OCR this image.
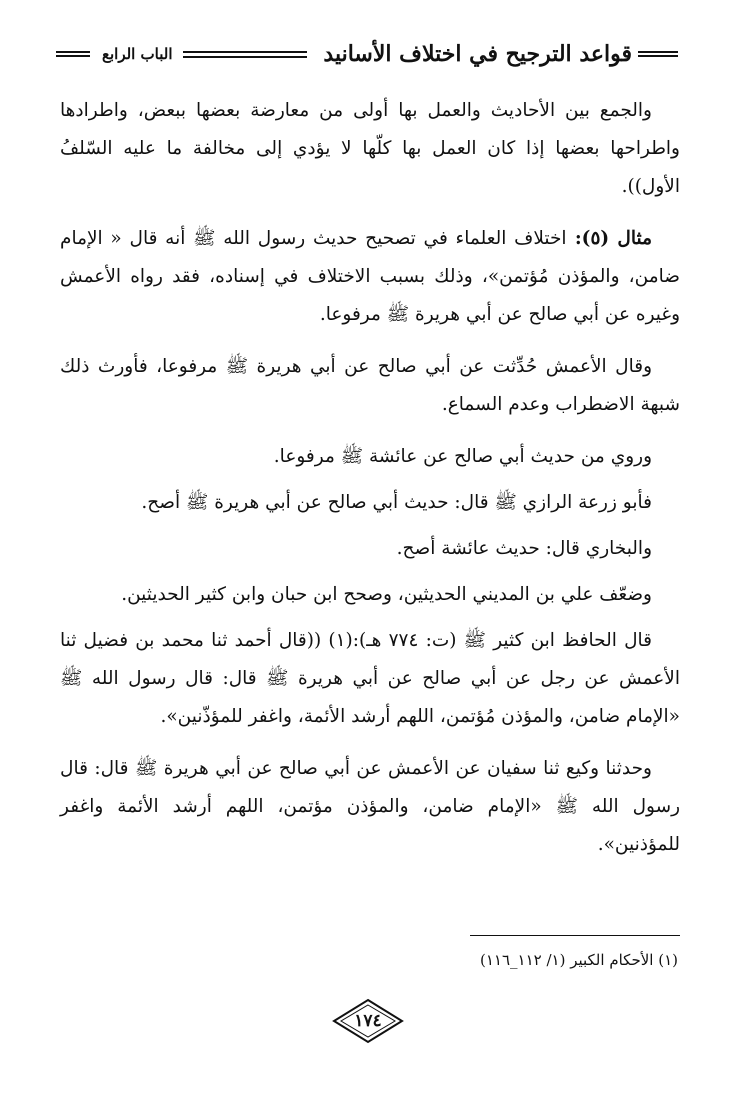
قواعد الترجيح في اختلاف الأسانيد
الباب الرابع

والجمع بين الأحاديث والعمل بها أولى من معارضة بعضها ببعض، واطرادها واطراحها بعضها إذا كان العمل بها كلّها لا يؤدي إلى مخالفة ما عليه السّلفُ الأول)).

مثال (٥): اختلاف العلماء في تصحيح حديث رسول الله ﷺ أنه قال « الإمام ضامن، والمؤذن مُؤتمن»، وذلك بسبب الاختلاف في إسناده، فقد رواه الأعمش وغيره عن أبي صالح عن أبي هريرة ﷺ مرفوعا.

وقال الأعمش حُدِّثت عن أبي صالح عن أبي هريرة ﷺ مرفوعا، فأورث ذلك شبهة الاضطراب وعدم السماع.

وروي من حديث أبي صالح عن عائشة ﷺ مرفوعا.

فأبو زرعة الرازي ﷺ قال: حديث أبي صالح عن أبي هريرة ﷺ أصح.

والبخاري قال: حديث عائشة أصح.

وضعّف علي بن المديني الحديثين، وصحح ابن حبان وابن كثير الحديثين.

قال الحافظ ابن كثير ﷺ (ت: ٧٧٤ هـ):(١) ((قال أحمد ثنا محمد بن فضيل ثنا الأعمش عن رجل عن أبي صالح عن أبي هريرة ﷺ قال: قال رسول الله ﷺ «الإمام ضامن، والمؤذن مُؤتمن، اللهم أرشد الأئمة، واغفر للمؤذّنين».

وحدثنا وكيع ثنا سفيان عن الأعمش عن أبي صالح عن أبي هريرة ﷺ قال: قال رسول الله ﷺ «الإمام ضامن، والمؤذن مؤتمن، اللهم أرشد الأئمة واغفر للمؤذنين».

(١) الأحكام الكبير (١/ ١١٢_١١٦)
١٧٤
